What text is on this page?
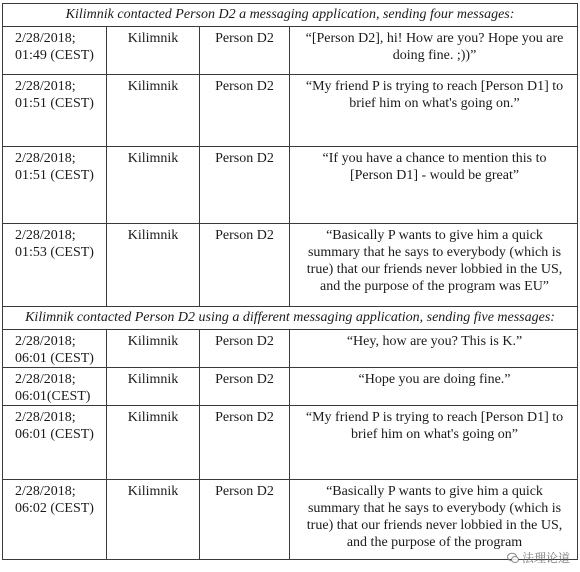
Kilimnik contacted Person D2 a messaging application, sending four messages:			
2/28/2018;
01:49 (CEST)	Kilimnik	Person D2	“[Person D2], hi! How are you? Hope you are doing fine. ;))”
2/28/2018;
01:51 (CEST)	Kilimnik	Person D2	“My friend P is trying to reach [Person D1] to brief him on what's going on.”
2/28/2018;
01:51 (CEST)	Kilimnik	Person D2	“If you have a chance to mention this to [Person D1] - would be great”
2/28/2018;
01:53 (CEST)	Kilimnik	Person D2	“Basically P wants to give him a quick summary that he says to everybody (which is true) that our friends never lobbied in the US, and the purpose of the program was EU”
Kilimnik contacted Person D2 using a different messaging application, sending five messages:			
2/28/2018;
06:01 (CEST)	Kilimnik	Person D2	“Hey, how are you? This is K.”
2/28/2018;
06:01(CEST)	Kilimnik	Person D2	“Hope you are doing fine.”
2/28/2018;
06:01 (CEST)	Kilimnik	Person D2	“My friend P is trying to reach [Person D1] to brief him on what's going on”
2/28/2018;
06:02 (CEST)	Kilimnik	Person D2	“Basically P wants to give him a quick summary that he says to everybody (which is true) that our friends never lobbied in the US, and the purpose of the program
法理论道
